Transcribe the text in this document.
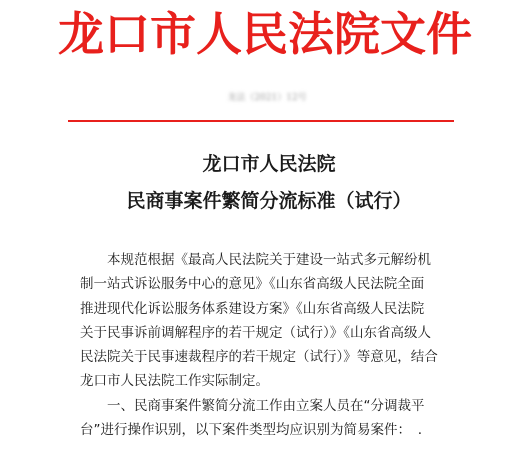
龙口市人民法院文件
龙法（2021）12号
龙口市人民法院
民商事案件繁简分流标准（试行）
　　本规范根据《最高人民法院关于建设一站式多元解纷机
制一站式诉讼服务中心的意见》《山东省高级人民法院全面
推进现代化诉讼服务体系建设方案》《山东省高级人民法院
关于民事诉前调解程序的若干规定（试行）》《山东省高级人
民法院关于民事速裁程序的若干规定（试行）》等意见，结合
龙口市人民法院工作实际制定。
　　一、民商事案件繁简分流工作由立案人员在“分调裁平
台”进行操作识别，以下案件类型均应识别为简易案件：　.
